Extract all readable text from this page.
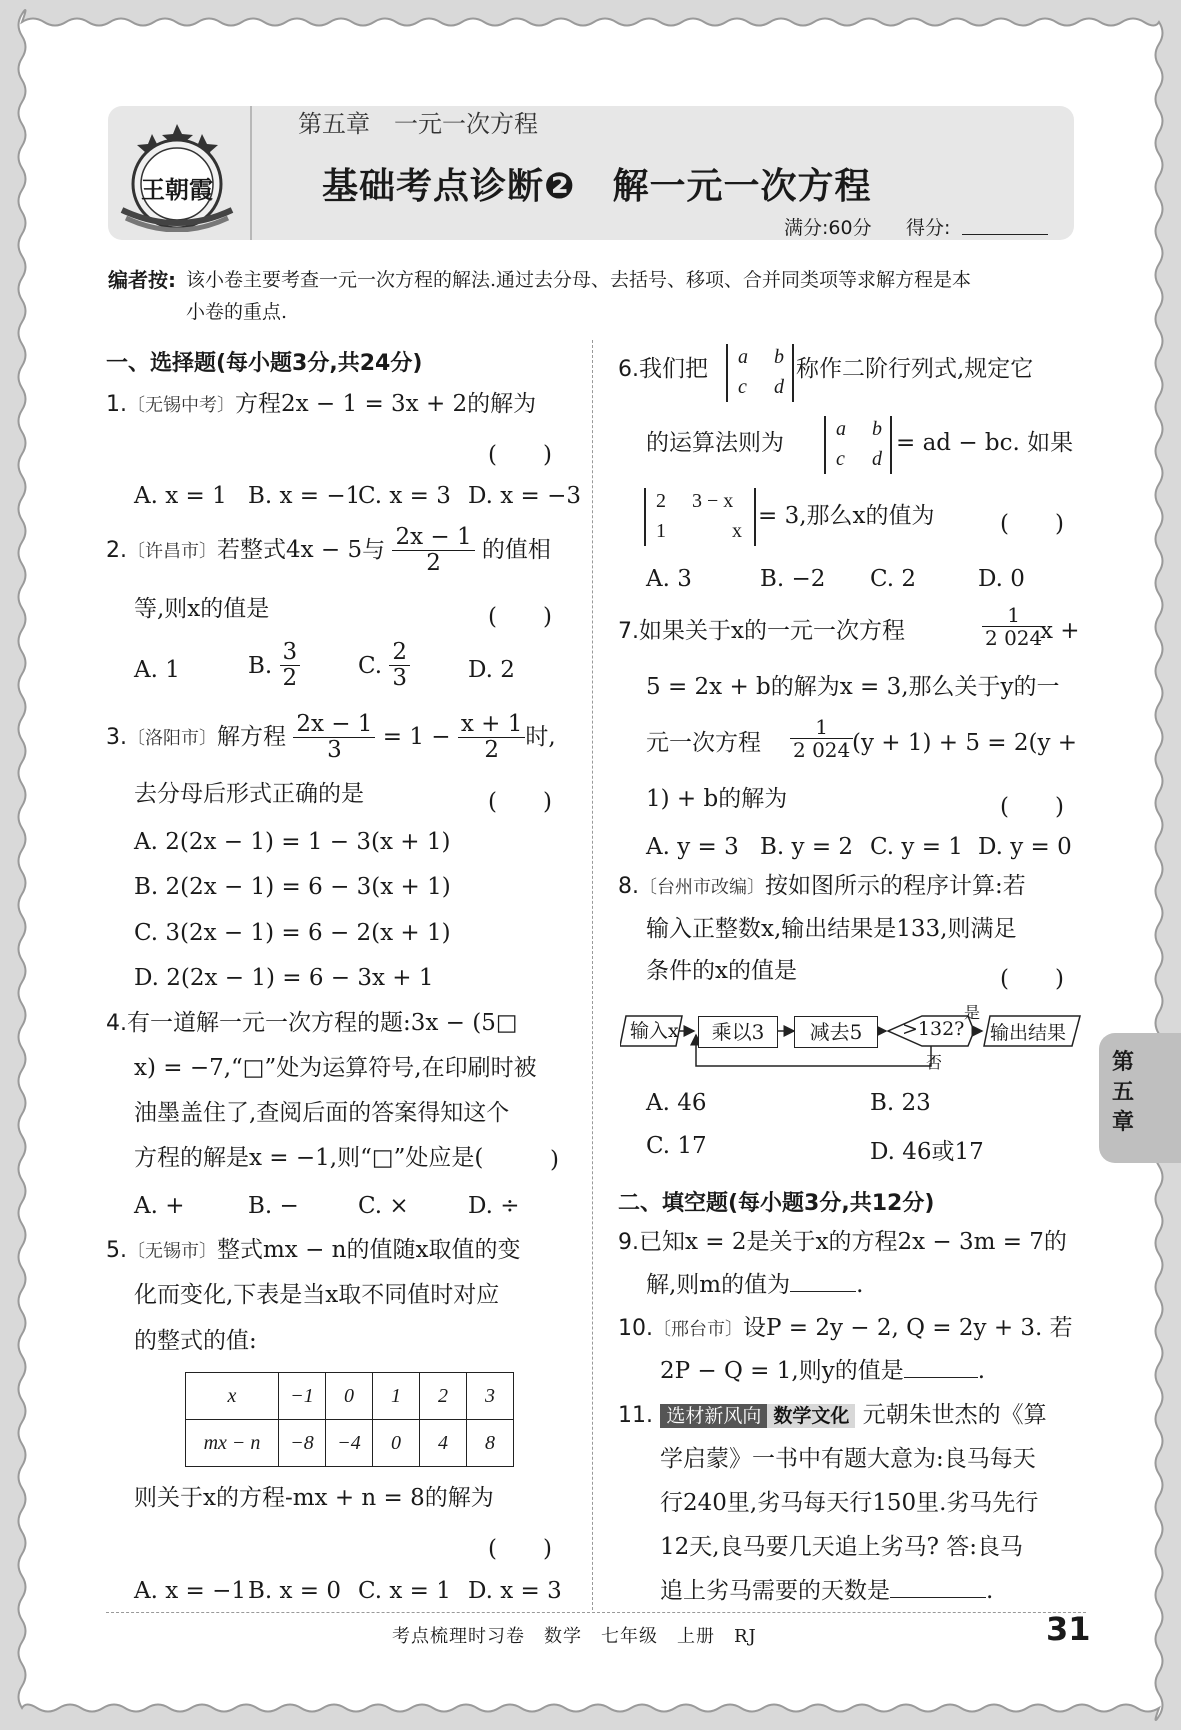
王朝霞
第五章　一元一次方程
基础考点诊断❷　解一元一次方程
满分:60分 得分:
编者按: 该小卷主要考查一元一次方程的解法.通过去分母、去括号、移项、合并同类项等求解方程是本
小卷的重点.
一、选择题(每小题3分,共24分)
1.〔无锡中考〕方程2x − 1 = 3x + 2的解为
(　　)
A. x = 1 B. x = −1
C. x = 3 D. x = −3
2.〔许昌市〕若整式4x − 5与 $\frac{2x - 1}{2}$ 的值相
等,则x的值是	(　　)
A. 1	B. $\frac{3}{2}$	C. $\frac{2}{3}$	D. 2
3.〔洛阳市〕解方程 $\frac{2x - 1}{3} = 1 - \frac{x + 1}{2}$ 时,
去分母后形式正确的是	(　　)
A. 2(2x − 1) = 1 − 3(x + 1)
B. 2(2x − 1) = 6 − 3(x + 1)
C. 3(2x − 1) = 6 − 2(x + 1)
D. 2(2x − 1) = 6 − 3x + 1
4.有一道解一元一次方程的题:3x − (5□
x) = −7,“□”处为运算符号,在印刷时被
油墨盖住了,查阅后面的答案得知这个
方程的解是x = −1,则“□”处应是(	)
A. +	B. −	C. ×	D. ÷
5.〔无锡市〕整式mx − n的值随x取值的变
化而变化,下表是当x取不同值时对应
的整式的值:
x	−1	0	1	2	3
mx − n	−8	−4	0	4	8
则关于x的方程-mx + n = 8的解为
(　　)
A. x = −1 B. x = 0 C. x = 1 D. x = 3
6.我们把 a b
c d
称作二阶行列式,规定它
的运算法则为
a b
c d
= ad − bc. 如果
2 3 − x
1	x
= 3,那么x的值为	(　　)
A. 3	B. −2 C. 2	D. 0
7.如果关于x的一元一次方程	$\frac{1}{2 024}$
x +
5 = 2x + b的解为x = 3,那么关于y的一
元一次方程 $\frac{1}{2 024}$
(y + 1) + 5 = 2(y +
1) + b的解为	(　　)
A. y = 3 B. y = 2 C. y = 1 D. y = 0
8.〔台州市改编〕按如图所示的程序计算:若
输入正整数x,输出结果是133,则满足
条件的x的值是	(　　)
输入x	乘以3	减去5	>132? 输出结果
是
否
A. 46	B. 23
C. 17	D. 46或17
二、填空题(每小题3分,共12分)
9.已知x = 2是关于x的方程2x − 3m = 7的
解,则m的值为	.
10.〔邢台市〕设P = 2y − 2, Q = 2y + 3. 若
2P − Q = 1,则y的值是	.
11. 选材新风向 数学文化 元朝朱世杰的《算
学启蒙》一书中有题大意为:良马每天
行240里,劣马每天行150里.劣马先行
12天,良马要几天追上劣马? 答:良马
追上劣马需要的天数是	.
第五章
考点梳理时习卷　数学　七年级　上册　RJ	31
